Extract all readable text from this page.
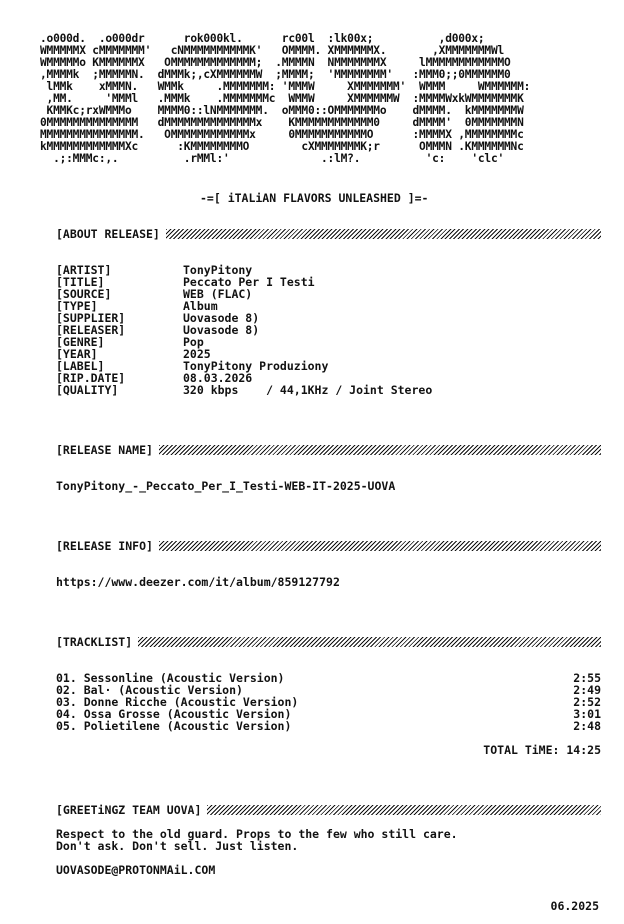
.o000d.  .o000dr      rok000kl.      rc00l  :lk00x;          ,d000x;
WMMMMMX cMMMMMMM'   cNMMMMMMMMMMK'   OMMMM. XMMMMMMX.       ,XMMMMMMMWl
WMMMMMo KMMMMMMX   OMMMMMMMMMMMMM;  .MMMMN  NMMMMMMMX     lMMMMMMMMMMMMO
,MMMMk  ;MMMMMN.  dMMMk;,cXMMMMMMW  ;MMMM;  'MMMMMMMM'   :MMM0;;0MMMMMM0
lMMk    xMMMN.   WMMk     .MMMMMMM: 'MMMW     XMMMMMMM'  WMMM     WMMMMMM:
,MM.     'MMMl   .MMMk    .MMMMMMMc  WMMW     XMMMMMMW  :MMMMWxkWMMMMMMMK
KMMKc;rxWMMMo    MMMM0::lNMMMMMMM.  oMMM0::OMMMMMMMo    dMMMM.  kMMMMMMMW
0MMMMMMMMMMMMMM   dMMMMMMMMMMMMMMx    KMMMMMMMMMMMM0     dMMMM'  0MMMMMMMN
MMMMMMMMMMMMMMM.   OMMMMMMMMMMMMx     0MMMMMMMMMMMO      :MMMMX ,MMMMMMMMc
kMMMMMMMMMMMMXc      :KMMMMMMMMO        cXMMMMMMMK;r      OMMMN .KMMMMMMNc
.;:MMMc:,.          .rMMl:'              .:lM?.          'c:    'clc'
-=[ iTALiAN FLAVORS UNLEASHED ]=-
[ABOUT RELEASE]
[ARTIST]	TonyPitony
[TITLE]	Peccato Per I Testi
[SOURCE]	WEB (FLAC)
[TYPE]	Album
[SUPPLIER]	Uovasode 8)
[RELEASER]	Uovasode 8)
[GENRE]	Pop
[YEAR]	2025
[LABEL]	TonyPitony Produziony
[RIP.DATE]	08.03.2026
[QUALITY]	320 kbps    / 44,1KHz / Joint Stereo
[RELEASE NAME]
TonyPitony_-_Peccato_Per_I_Testi-WEB-IT-2025-UOVA
[RELEASE INFO]
https://www.deezer.com/it/album/859127792
[TRACKLIST]
01. Sessonline (Acoustic Version)	2:55
02. Bal· (Acoustic Version)	2:49
03. Donne Ricche (Acoustic Version)	2:52
04. Ossa Grosse (Acoustic Version)	3:01
05. Polietilene (Acoustic Version)	2:48
TOTAL TiME: 14:25
[GREETiNGZ TEAM UOVA]
Respect to the old guard. Props to the few who still care.
Don't ask. Don't sell. Just listen.
UOVASODE@PROTONMAiL.COM
06.2025
